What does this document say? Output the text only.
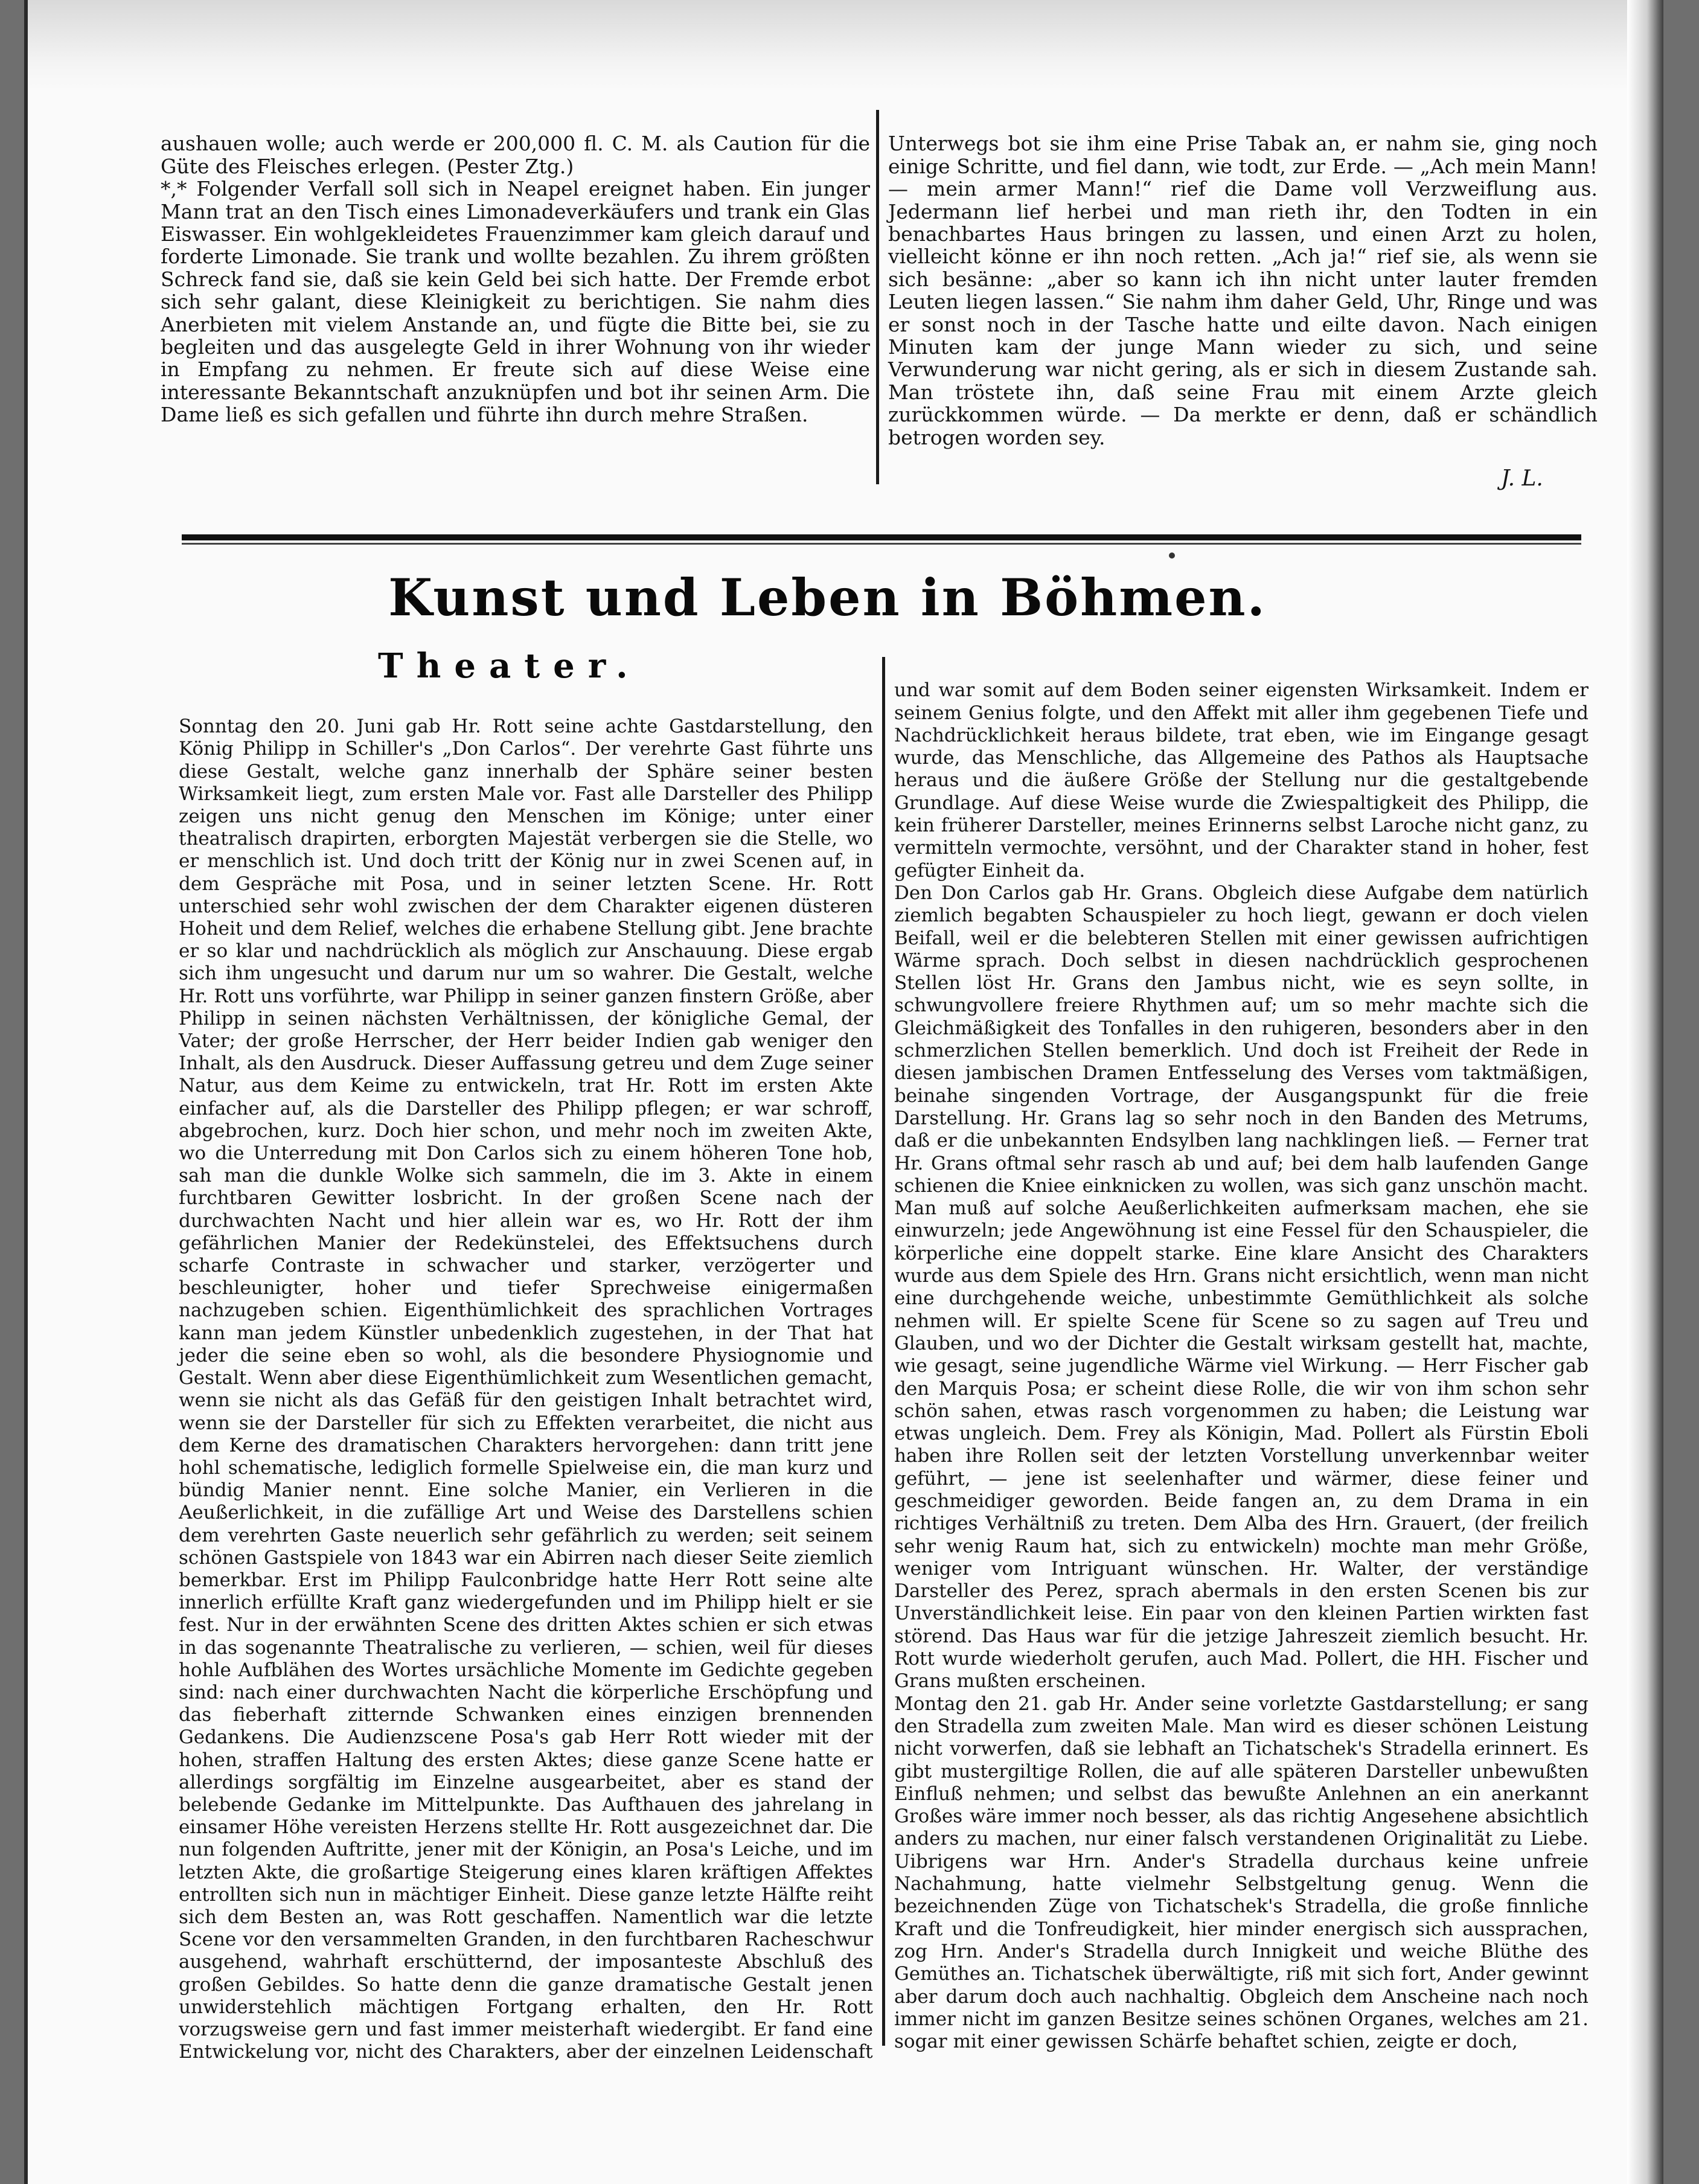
aushauen wolle; auch werde er 200,000 fl. C. M. als Caution für die Güte des Fleisches erlegen. (Pester Ztg.)
*,* Folgender Verfall soll sich in Neapel ereignet haben. Ein junger Mann trat an den Tisch eines Limonadeverkäufers und trank ein Glas Eiswasser. Ein wohlgekleidetes Frauenzimmer kam gleich darauf und forderte Limonade. Sie trank und wollte bezahlen. Zu ihrem größten Schreck fand sie, daß sie kein Geld bei sich hatte. Der Fremde erbot sich sehr galant, diese Kleinigkeit zu berichtigen. Sie nahm dies Anerbieten mit vielem Anstande an, und fügte die Bitte bei, sie zu begleiten und das ausgelegte Geld in ihrer Wohnung von ihr wieder in Empfang zu nehmen. Er freute sich auf diese Weise eine interessante Bekanntschaft anzuknüpfen und bot ihr seinen Arm. Die Dame ließ es sich gefallen und führte ihn durch mehre Straßen.

Unterwegs bot sie ihm eine Prise Tabak an, er nahm sie, ging noch einige Schritte, und fiel dann, wie todt, zur Erde. — „Ach mein Mann! — mein armer Mann!“ rief die Dame voll Verzweiflung aus. Jedermann lief herbei und man rieth ihr, den Todten in ein benachbartes Haus bringen zu lassen, und einen Arzt zu holen, vielleicht könne er ihn noch retten. „Ach ja!“ rief sie, als wenn sie sich besänne: „aber so kann ich ihn nicht unter lauter fremden Leuten liegen lassen.“ Sie nahm ihm daher Geld, Uhr, Ringe und was er sonst noch in der Tasche hatte und eilte davon. Nach einigen Minuten kam der junge Mann wieder zu sich, und seine Verwunderung war nicht gering, als er sich in diesem Zustande sah. Man tröstete ihn, daß seine Frau mit einem Arzte gleich zurückkommen würde. — Da merkte er denn, daß er schändlich betrogen worden sey.

J. L.
Kunst und Leben in Böhmen.
Theater.

Sonntag den 20. Juni gab Hr. Rott seine achte Gastdarstellung, den König Philipp in Schiller's „Don Carlos“. Der verehrte Gast führte uns diese Gestalt, welche ganz innerhalb der Sphäre seiner besten Wirksamkeit liegt, zum ersten Male vor. Fast alle Darsteller des Philipp zeigen uns nicht genug den Menschen im Könige; unter einer theatralisch drapirten, erborgten Majestät verbergen sie die Stelle, wo er menschlich ist. Und doch tritt der König nur in zwei Scenen auf, in dem Gespräche mit Posa, und in seiner letzten Scene. Hr. Rott unterschied sehr wohl zwischen der dem Charakter eigenen düsteren Hoheit und dem Relief, welches die erhabene Stellung gibt. Jene brachte er so klar und nachdrücklich als möglich zur Anschauung. Diese ergab sich ihm ungesucht und darum nur um so wahrer. Die Gestalt, welche Hr. Rott uns vorführte, war Philipp in seiner ganzen finstern Größe, aber Philipp in seinen nächsten Verhältnissen, der königliche Gemal, der Vater; der große Herrscher, der Herr beider Indien gab weniger den Inhalt, als den Ausdruck. Dieser Auffassung getreu und dem Zuge seiner Natur, aus dem Keime zu entwickeln, trat Hr. Rott im ersten Akte einfacher auf, als die Darsteller des Philipp pflegen; er war schroff, abgebrochen, kurz. Doch hier schon, und mehr noch im zweiten Akte, wo die Unterredung mit Don Carlos sich zu einem höheren Tone hob, sah man die dunkle Wolke sich sammeln, die im 3. Akte in einem furchtbaren Gewitter losbricht. In der großen Scene nach der durchwachten Nacht und hier allein war es, wo Hr. Rott der ihm gefährlichen Manier der Redekünstelei, des Effektsuchens durch scharfe Contraste in schwacher und starker, verzögerter und beschleunigter, hoher und tiefer Sprechweise einigermaßen nachzugeben schien. Eigenthümlichkeit des sprachlichen Vortrages kann man jedem Künstler unbedenklich zugestehen, in der That hat jeder die seine eben so wohl, als die besondere Physiognomie und Gestalt. Wenn aber diese Eigenthümlichkeit zum Wesentlichen gemacht, wenn sie nicht als das Gefäß für den geistigen Inhalt betrachtet wird, wenn sie der Darsteller für sich zu Effekten verarbeitet, die nicht aus dem Kerne des dramatischen Charakters hervorgehen: dann tritt jene hohl schematische, lediglich formelle Spielweise ein, die man kurz und bündig Manier nennt. Eine solche Manier, ein Verlieren in die Aeußerlichkeit, in die zufällige Art und Weise des Darstellens schien dem verehrten Gaste neuerlich sehr gefährlich zu werden; seit seinem schönen Gastspiele von 1843 war ein Abirren nach dieser Seite ziemlich bemerkbar. Erst im Philipp Faulconbridge hatte Herr Rott seine alte innerlich erfüllte Kraft ganz wiedergefunden und im Philipp hielt er sie fest. Nur in der erwähnten Scene des dritten Aktes schien er sich etwas in das sogenannte Theatralische zu verlieren, — schien, weil für dieses hohle Aufblähen des Wortes ursächliche Momente im Gedichte gegeben sind: nach einer durchwachten Nacht die körperliche Erschöpfung und das fieberhaft zitternde Schwanken eines einzigen brennenden Gedankens. Die Audienzscene Posa's gab Herr Rott wieder mit der hohen, straffen Haltung des ersten Aktes; diese ganze Scene hatte er allerdings sorgfältig im Einzelne ausgearbeitet, aber es stand der belebende Gedanke im Mittelpunkte. Das Aufthauen des jahrelang in einsamer Höhe vereisten Herzens stellte Hr. Rott ausgezeichnet dar. Die nun folgenden Auftritte, jener mit der Königin, an Posa's Leiche, und im letzten Akte, die großartige Steigerung eines klaren kräftigen Affektes entrollten sich nun in mächtiger Einheit. Diese ganze letzte Hälfte reiht sich dem Besten an, was Rott geschaffen. Namentlich war die letzte Scene vor den versammelten Granden, in den furchtbaren Racheschwur ausgehend, wahrhaft erschütternd, der imposanteste Abschluß des großen Gebildes. So hatte denn die ganze dramatische Gestalt jenen unwiderstehlich mächtigen Fortgang erhalten, den Hr. Rott vorzugsweise gern und fast immer meisterhaft wiedergibt. Er fand eine Entwickelung vor, nicht des Charakters, aber der einzelnen Leidenschaft

und war somit auf dem Boden seiner eigensten Wirksamkeit. Indem er seinem Genius folgte, und den Affekt mit aller ihm gegebenen Tiefe und Nachdrücklichkeit heraus bildete, trat eben, wie im Eingange gesagt wurde, das Menschliche, das Allgemeine des Pathos als Hauptsache heraus und die äußere Größe der Stellung nur die gestaltgebende Grundlage. Auf diese Weise wurde die Zwiespaltigkeit des Philipp, die kein früherer Darsteller, meines Erinnerns selbst Laroche nicht ganz, zu vermitteln vermochte, versöhnt, und der Charakter stand in hoher, fest gefügter Einheit da.
Den Don Carlos gab Hr. Grans. Obgleich diese Aufgabe dem natürlich ziemlich begabten Schauspieler zu hoch liegt, gewann er doch vielen Beifall, weil er die belebteren Stellen mit einer gewissen aufrichtigen Wärme sprach. Doch selbst in diesen nachdrücklich gesprochenen Stellen löst Hr. Grans den Jambus nicht, wie es seyn sollte, in schwungvollere freiere Rhythmen auf; um so mehr machte sich die Gleichmäßigkeit des Tonfalles in den ruhigeren, besonders aber in den schmerzlichen Stellen bemerklich. Und doch ist Freiheit der Rede in diesen jambischen Dramen Entfesselung des Verses vom taktmäßigen, beinahe singenden Vortrage, der Ausgangspunkt für die freie Darstellung. Hr. Grans lag so sehr noch in den Banden des Metrums, daß er die unbekannten Endsylben lang nachklingen ließ. — Ferner trat Hr. Grans oftmal sehr rasch ab und auf; bei dem halb laufenden Gange schienen die Kniee einknicken zu wollen, was sich ganz unschön macht. Man muß auf solche Aeußerlichkeiten aufmerksam machen, ehe sie einwurzeln; jede Angewöhnung ist eine Fessel für den Schauspieler, die körperliche eine doppelt starke. Eine klare Ansicht des Charakters wurde aus dem Spiele des Hrn. Grans nicht ersichtlich, wenn man nicht eine durchgehende weiche, unbestimmte Gemüthlichkeit als solche nehmen will. Er spielte Scene für Scene so zu sagen auf Treu und Glauben, und wo der Dichter die Gestalt wirksam gestellt hat, machte, wie gesagt, seine jugendliche Wärme viel Wirkung. — Herr Fischer gab den Marquis Posa; er scheint diese Rolle, die wir von ihm schon sehr schön sahen, etwas rasch vorgenommen zu haben; die Leistung war etwas ungleich. Dem. Frey als Königin, Mad. Pollert als Fürstin Eboli haben ihre Rollen seit der letzten Vorstellung unverkennbar weiter geführt, — jene ist seelenhafter und wärmer, diese feiner und geschmeidiger geworden. Beide fangen an, zu dem Drama in ein richtiges Verhältniß zu treten. Dem Alba des Hrn. Grauert, (der freilich sehr wenig Raum hat, sich zu entwickeln) mochte man mehr Größe, weniger vom Intriguant wünschen. Hr. Walter, der verständige Darsteller des Perez, sprach abermals in den ersten Scenen bis zur Unverständlichkeit leise. Ein paar von den kleinen Partien wirkten fast störend. Das Haus war für die jetzige Jahreszeit ziemlich besucht. Hr. Rott wurde wiederholt gerufen, auch Mad. Pollert, die HH. Fischer und Grans mußten erscheinen.
Montag den 21. gab Hr. Ander seine vorletzte Gastdarstellung; er sang den Stradella zum zweiten Male. Man wird es dieser schönen Leistung nicht vorwerfen, daß sie lebhaft an Tichatschek's Stradella erinnert. Es gibt mustergiltige Rollen, die auf alle späteren Darsteller unbewußten Einfluß nehmen; und selbst das bewußte Anlehnen an ein anerkannt Großes wäre immer noch besser, als das richtig Angesehene absichtlich anders zu machen, nur einer falsch verstandenen Originalität zu Liebe. Uibrigens war Hrn. Ander's Stradella durchaus keine unfreie Nachahmung, hatte vielmehr Selbstgeltung genug. Wenn die bezeichnenden Züge von Tichatschek's Stradella, die große finnliche Kraft und die Tonfreudigkeit, hier minder energisch sich aussprachen, zog Hrn. Ander's Stradella durch Innigkeit und weiche Blüthe des Gemüthes an. Tichatschek überwältigte, riß mit sich fort, Ander gewinnt aber darum doch auch nachhaltig. Obgleich dem Anscheine nach noch immer nicht im ganzen Besitze seines schönen Organes, welches am 21. sogar mit einer gewissen Schärfe behaftet schien, zeigte er doch,
